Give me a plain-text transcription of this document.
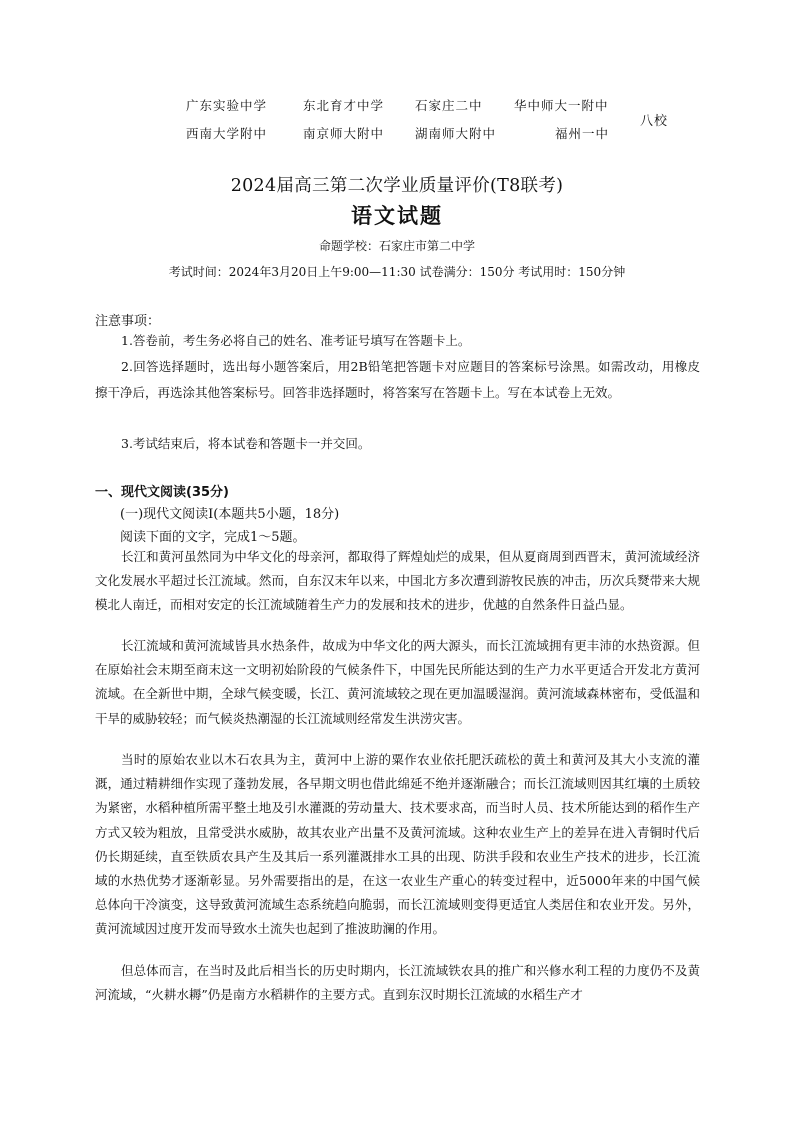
广东实验中学	东北育才中学 石家庄二中	华中师大一附中
西南大学附中	南京师大附中 湖南师大附中	福州一中
八校
2024届高三第二次学业质量评价(T8联考)
语文试题
命题学校：石家庄市第二中学
考试时间：2024年3月20日上午9:00—11:30 试卷满分：150分 考试用时：150分钟
注意事项：
1.答卷前，考生务必将自己的姓名、准考证号填写在答题卡上。
2.回答选择题时，选出每小题答案后，用2B铅笔把答题卡对应题目的答案标号涂黑。如需改动，用橡皮擦干净后，再选涂其他答案标号。回答非选择题时，将答案写在答题卡上。写在本试卷上无效。
3.考试结束后，将本试卷和答题卡一并交回。
一、现代文阅读(35分)
(一)现代文阅读Ⅰ(本题共5小题，18分)
阅读下面的文字，完成1～5题。

长江和黄河虽然同为中华文化的母亲河，都取得了辉煌灿烂的成果，但从夏商周到西晋末，黄河流域经济文化发展水平超过长江流域。然而，自东汉末年以来，中国北方多次遭到游牧民族的冲击，历次兵燹带来大规模北人南迁，而相对安定的长江流域随着生产力的发展和技术的进步，优越的自然条件日益凸显。

长江流域和黄河流域皆具水热条件，故成为中华文化的两大源头，而长江流域拥有更丰沛的水热资源。但在原始社会末期至商末这一文明初始阶段的气候条件下，中国先民所能达到的生产力水平更适合开发北方黄河流域。在全新世中期，全球气候变暖，长江、黄河流域较之现在更加温暖湿润。黄河流域森林密布，受低温和干旱的威胁较轻；而气候炎热潮湿的长江流域则经常发生洪涝灾害。

当时的原始农业以木石农具为主，黄河中上游的粟作农业依托肥沃疏松的黄土和黄河及其大小支流的灌溉，通过精耕细作实现了蓬勃发展，各早期文明也借此绵延不绝并逐渐融合；而长江流域则因其红壤的土质较为紧密，水稻种植所需平整土地及引水灌溉的劳动量大、技术要求高，而当时人员、技术所能达到的稻作生产方式又较为粗放，且常受洪水威胁，故其农业产出量不及黄河流域。这种农业生产上的差异在进入青铜时代后仍长期延续，直至铁质农具产生及其后一系列灌溉排水工具的出现、防洪手段和农业生产技术的进步，长江流域的水热优势才逐渐彰显。另外需要指出的是，在这一农业生产重心的转变过程中，近5000年来的中国气候总体向干冷演变，这导致黄河流域生态系统趋向脆弱，而长江流域则变得更适宜人类居住和农业开发。另外，黄河流域因过度开发而导致水土流失也起到了推波助澜的作用。

但总体而言，在当时及此后相当长的历史时期内，长江流域铁农具的推广和兴修水利工程的力度仍不及黄河流域，“火耕水耨”仍是南方水稻耕作的主要方式。直到东汉时期长江流域的水稻生产才
